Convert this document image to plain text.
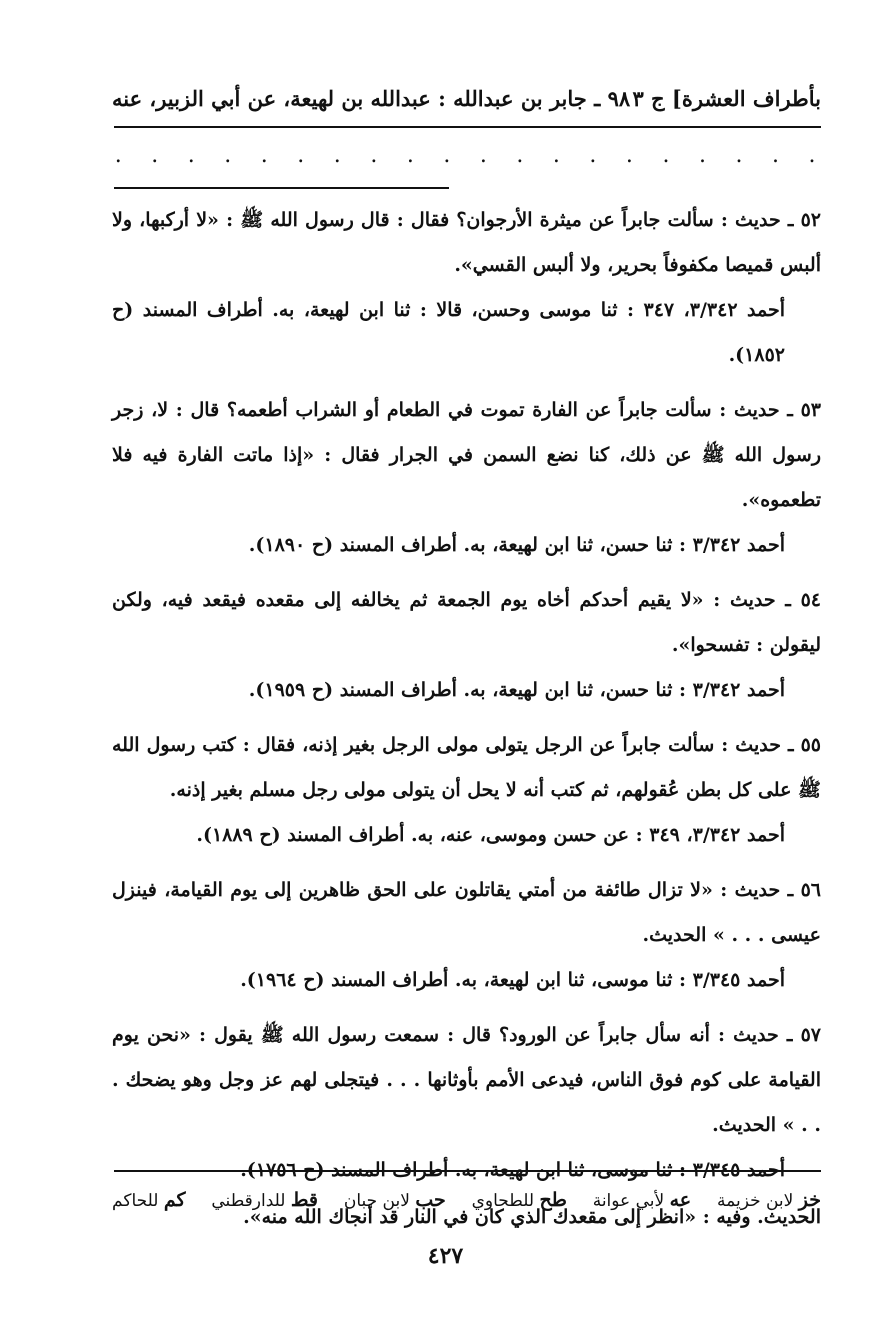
بأطراف العشرة] ج ٣
٩٨ ـ جابر بن عبدالله : عبدالله بن لهيعة، عن أبي الزبير، عنه
.
.
.
.
.
.
.
.
.
.
.
.
.
.
.
.
.
.
.
.

٥٢ ـ حديث : سألت جابراً عن ميثرة الأرجوان؟ فقال : قال رسول الله ﷺ : «لا أركبها، ولا ألبس قميصا مكفوفاً بحرير، ولا ألبس القسي».

أحمد ٣/٣٤٢، ٣٤٧ : ثنا موسى وحسن، قالا : ثنا ابن لهيعة، به. أطراف المسند (ح ١٨٥٢).

٥٣ ـ حديث : سألت جابراً عن الفارة تموت في الطعام أو الشراب أطعمه؟ قال : لا، زجر رسول الله ﷺ عن ذلك، كنا نضع السمن في الجرار فقال : «إذا ماتت الفارة فيه فلا تطعموه».

أحمد ٣/٣٤٢ : ثنا حسن، ثنا ابن لهيعة، به. أطراف المسند (ح ١٨٩٠).

٥٤ ـ حديث : «لا يقيم أحدكم أخاه يوم الجمعة ثم يخالفه إلى مقعده فيقعد فيه، ولكن ليقولن : تفسحوا».

أحمد ٣/٣٤٢ : ثنا حسن، ثنا ابن لهيعة، به. أطراف المسند (ح ١٩٥٩).

٥٥ ـ حديث : سألت جابراً عن الرجل يتولى مولى الرجل بغير إذنه، فقال : كتب رسول الله ﷺ على كل بطن عُقولهم، ثم كتب أنه لا يحل أن يتولى مولى رجل مسلم بغير إذنه.

أحمد ٣/٣٤٢، ٣٤٩ : عن حسن وموسى، عنه، به. أطراف المسند (ح ١٨٨٩).

٥٦ ـ حديث : «لا تزال طائفة من أمتي يقاتلون على الحق ظاهرين إلى يوم القيامة، فينزل عيسى . . . » الحديث.

أحمد ٣/٣٤٥ : ثنا موسى، ثنا ابن لهيعة، به. أطراف المسند (ح ١٩٦٤).

٥٧ ـ حديث : أنه سأل جابراً عن الورود؟ قال : سمعت رسول الله ﷺ يقول : «نحن يوم القيامة على كوم فوق الناس، فيدعى الأمم بأوثانها . . . فيتجلى لهم عز وجل وهو يضحك . . . » الحديث.

أحمد ٣/٣٤٥ : ثنا موسى، ثنا ابن لهيعة، به. أطراف المسند (ح ١٧٥٦).

الحديث. وفيه : «انظر إلى مقعدك الذي كان في النار قد أنجاك الله منه».

خز لابن خزيمة
عه لأبي عوانة
طح للطحاوي
حب لابن حبان
قط للدارقطني
كم للحاكم
٤٢٧
